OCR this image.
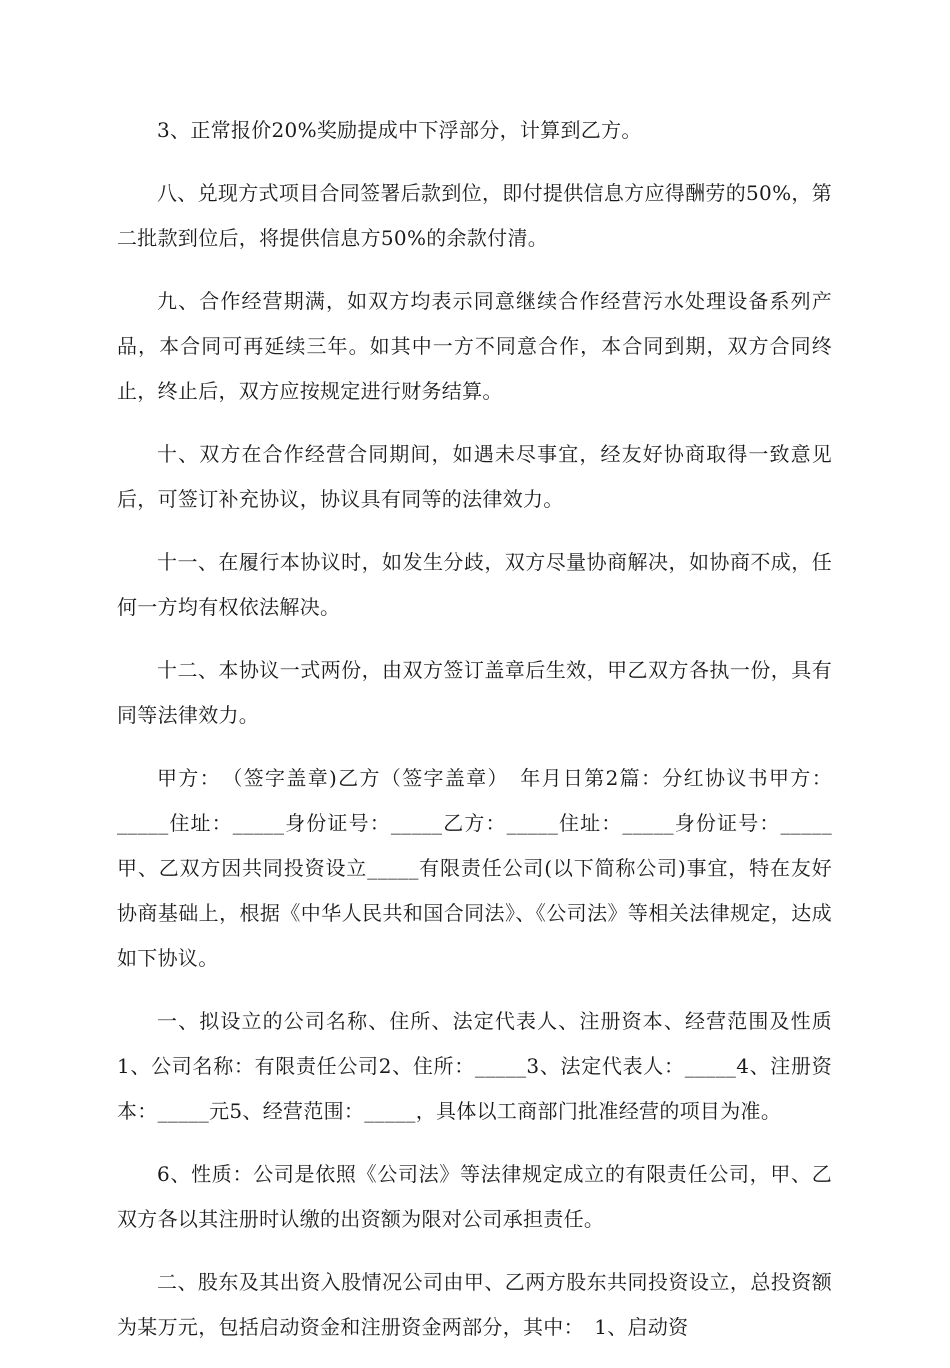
3、正常报价20%奖励提成中下浮部分，计算到乙方。

八、兑现方式项目合同签署后款到位，即付提供信息方应得酬劳的50%，第二批款到位后，将提供信息方50%的余款付清。

九、合作经营期满，如双方均表示同意继续合作经营污水处理设备系列产品，本合同可再延续三年。如其中一方不同意合作，本合同到期，双方合同终止，终止后，双方应按规定进行财务结算。

十、双方在合作经营合同期间，如遇未尽事宜，经友好协商取得一致意见后，可签订补充协议，协议具有同等的法律效力。

十一、在履行本协议时，如发生分歧，双方尽量协商解决，如协商不成，任何一方均有权依法解决。

十二、本协议一式两份，由双方签订盖章后生效，甲乙双方各执一份，具有同等法律效力。

甲方：　（签字盖章)乙方（签字盖章）　年月日第2篇：分红协议书甲方：_____住址：_____身份证号：_____乙方：_____住址：_____身份证号：_____甲、乙双方因共同投资设立_____有限责任公司(以下简称公司)事宜，特在友好协商基础上，根据《中华人民共和国合同法》、《公司法》等相关法律规定，达成如下协议。

一、拟设立的公司名称、住所、法定代表人、注册资本、经营范围及性质1、公司名称：有限责任公司2、住所：_____3、法定代表人：_____4、注册资本：_____元5、经营范围：_____，具体以工商部门批准经营的项目为准。

6、性质：公司是依照《公司法》等法律规定成立的有限责任公司，甲、乙双方各以其注册时认缴的出资额为限对公司承担责任。

二、股东及其出资入股情况公司由甲、乙两方股东共同投资设立，总投资额为某万元，包括启动资金和注册资金两部分，其中：　1、启动资
